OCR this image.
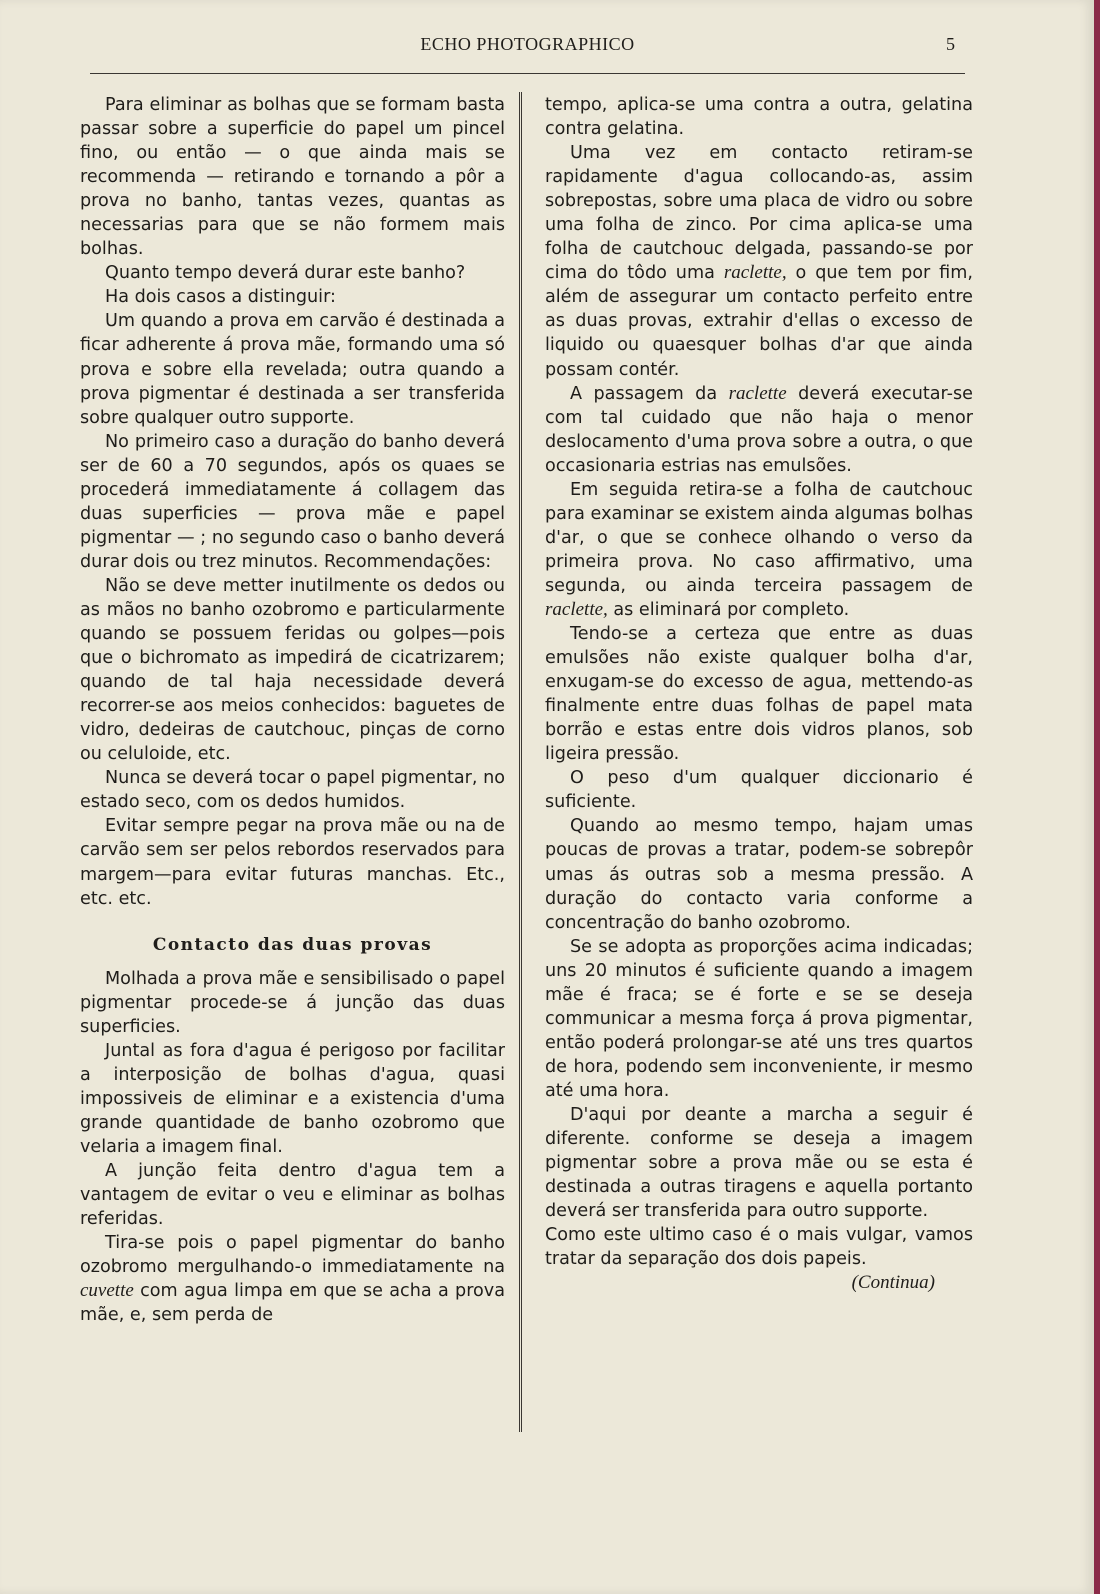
ECHO PHOTOGRAPHICO	5

Para eliminar as bolhas que se formam basta passar sobre a superficie do papel um pincel fino, ou então — o que ainda mais se recommenda — retirando e tornando a pôr a prova no banho, tantas vezes, quantas as necessarias para que se não formem mais bolhas.

Quanto tempo deverá durar este banho?

Ha dois casos a distinguir:

Um quando a prova em carvão é destinada a ficar adherente á prova mãe, formando uma só prova e sobre ella revelada; outra quando a prova pigmentar é destinada a ser transferida sobre qualquer outro supporte.

No primeiro caso a duração do banho deverá ser de 60 a 70 segundos, após os quaes se procederá immediatamente á collagem das duas superficies — prova mãe e papel pigmentar — ; no segundo caso o banho deverá durar dois ou trez minutos. Recommendações:

Não se deve metter inutilmente os dedos ou as mãos no banho ozobromo e particularmente quando se possuem feridas ou golpes—pois que o bichromato as impedirá de cicatrizarem; quando de tal haja necessidade deverá recorrer-se aos meios conhecidos: baguetes de vidro, dedeiras de cautchouc, pinças de corno ou celuloide, etc.

Nunca se deverá tocar o papel pigmentar, no estado seco, com os dedos humidos.

Evitar sempre pegar na prova mãe ou na de carvão sem ser pelos rebordos reservados para margem—para evitar futuras manchas. Etc., etc. etc.

Contacto das duas provas

Molhada a prova mãe e sensibilisado o papel pigmentar procede-se á junção das duas superficies.

Juntal as fora d'agua é perigoso por facilitar a interposição de bolhas d'agua, quasi impossiveis de eliminar e a existencia d'uma grande quantidade de banho ozobromo que velaria a imagem final.

A junção feita dentro d'agua tem a vantagem de evitar o veu e eliminar as bolhas referidas.

Tira-se pois o papel pigmentar do banho ozobromo mergulhando-o immediatamente na cuvette com agua limpa em que se acha a prova mãe, e, sem perda de

tempo, aplica-se uma contra a outra, gelatina contra gelatina.

Uma vez em contacto retiram-se rapidamente d'agua collocando-as, assim sobrepostas, sobre uma placa de vidro ou sobre uma folha de zinco. Por cima aplica-se uma folha de cautchouc delgada, passando-se por cima do tôdo uma raclette, o que tem por fim, além de assegurar um contacto perfeito entre as duas provas, extrahir d'ellas o excesso de liquido ou quaesquer bolhas d'ar que ainda possam contér.

A passagem da raclette deverá executar-se com tal cuidado que não haja o menor deslocamento d'uma prova sobre a outra, o que occasionaria estrias nas emulsões.

Em seguida retira-se a folha de cautchouc para examinar se existem ainda algumas bolhas d'ar, o que se conhece olhando o verso da primeira prova. No caso affirmativo, uma segunda, ou ainda terceira passagem de raclette, as eliminará por completo.

Tendo-se a certeza que entre as duas emulsões não existe qualquer bolha d'ar, enxugam-se do excesso de agua, mettendo-as finalmente entre duas folhas de papel mata borrão e estas entre dois vidros planos, sob ligeira pressão.

O peso d'um qualquer diccionario é suficiente.

Quando ao mesmo tempo, hajam umas poucas de provas a tratar, podem-se sobrepôr umas ás outras sob a mesma pressão. A duração do contacto varia conforme a concentração do banho ozobromo.

Se se adopta as proporções acima indicadas; uns 20 minutos é suficiente quando a imagem mãe é fraca; se é forte e se se deseja communicar a mesma força á prova pigmentar, então poderá prolongar-se até uns tres quartos de hora, podendo sem inconveniente, ir mesmo até uma hora.

D'aqui por deante a marcha a seguir é diferente. conforme se deseja a imagem pigmentar sobre a prova mãe ou se esta é destinada a outras tiragens e aquella portanto deverá ser transferida para outro supporte.

Como este ultimo caso é o mais vulgar, vamos tratar da separação dos dois papeis.

(Continua)
